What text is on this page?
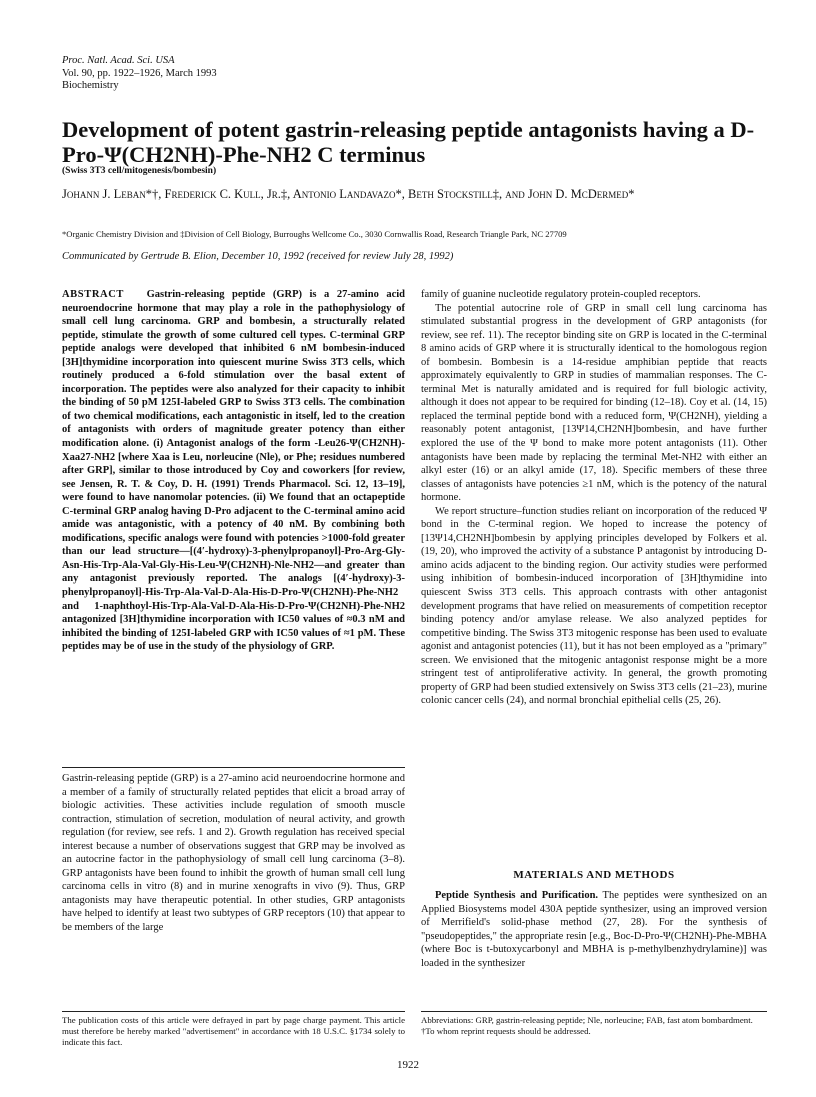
Proc. Natl. Acad. Sci. USA
Vol. 90, pp. 1922–1926, March 1993
Biochemistry
Development of potent gastrin-releasing peptide antagonists having a D-Pro-Ψ(CH2NH)-Phe-NH2 C terminus
(Swiss 3T3 cell/mitogenesis/bombesin)
Johann J. Leban*†, Frederick C. Kull, Jr.‡, Antonio Landavazo*, Beth Stockstill‡, and John D. McDermed*
*Organic Chemistry Division and ‡Division of Cell Biology, Burroughs Wellcome Co., 3030 Cornwallis Road, Research Triangle Park, NC 27709
Communicated by Gertrude B. Elion, December 10, 1992 (received for review July 28, 1992)
ABSTRACT Gastrin-releasing peptide (GRP) is a 27-amino acid neuroendocrine hormone that may play a role in the pathophysiology of small cell lung carcinoma. GRP and bombesin, a structurally related peptide, stimulate the growth of some cultured cell types. C-terminal GRP peptide analogs were developed that inhibited 6 nM bombesin-induced [3H]thymidine incorporation into quiescent murine Swiss 3T3 cells, which routinely produced a 6-fold stimulation over the basal extent of incorporation. The peptides were also analyzed for their capacity to inhibit the binding of 50 pM 125I-labeled GRP to Swiss 3T3 cells. The combination of two chemical modifications, each antagonistic in itself, led to the creation of antagonists with orders of magnitude greater potency than either modification alone. (i) Antagonist analogs of the form -Leu26-Ψ(CH2NH)-Xaa27-NH2 [where Xaa is Leu, norleucine (Nle), or Phe; residues numbered after GRP], similar to those introduced by Coy and coworkers [for review, see Jensen, R. T. & Coy, D. H. (1991) Trends Pharmacol. Sci. 12, 13–19], were found to have nanomolar potencies. (ii) We found that an octapeptide C-terminal GRP analog having D-Pro adjacent to the C-terminal amino acid amide was antagonistic, with a potency of 40 nM. By combining both modifications, specific analogs were found with potencies >1000-fold greater than our lead structure—[(4′-hydroxy)-3-phenylpropanoyl]-Pro-Arg-Gly-Asn-His-Trp-Ala-Val-Gly-His-Leu-Ψ(CH2NH)-Nle-NH2—and greater than any antagonist previously reported. The analogs [(4′-hydroxy)-3-phenylpropanoyl]-His-Trp-Ala-Val-D-Ala-His-D-Pro-Ψ(CH2NH)-Phe-NH2 and 1-naphthoyl-His-Trp-Ala-Val-D-Ala-His-D-Pro-Ψ(CH2NH)-Phe-NH2 antagonized [3H]thymidine incorporation with IC50 values of ≈0.3 nM and inhibited the binding of 125I-labeled GRP with IC50 values of ≈1 pM. These peptides may be of use in the study of the physiology of GRP.
Gastrin-releasing peptide (GRP) is a 27-amino acid neuroendocrine hormone and a member of a family of structurally related peptides that elicit a broad array of biologic activities. These activities include regulation of smooth muscle contraction, stimulation of secretion, modulation of neural activity, and growth regulation (for review, see refs. 1 and 2). Growth regulation has received special interest because a number of observations suggest that GRP may be involved as an autocrine factor in the pathophysiology of small cell lung carcinoma (3–8). GRP antagonists have been found to inhibit the growth of human small cell lung carcinoma cells in vitro (8) and in murine xenografts in vivo (9). Thus, GRP antagonists may have therapeutic potential. In other studies, GRP antagonists have helped to identify at least two subtypes of GRP receptors (10) that appear to be members of the large
The publication costs of this article were defrayed in part by page charge payment. This article must therefore be hereby marked "advertisement" in accordance with 18 U.S.C. §1734 solely to indicate this fact.

family of guanine nucleotide regulatory protein-coupled receptors.

The potential autocrine role of GRP in small cell lung carcinoma has stimulated substantial progress in the development of GRP antagonists (for review, see ref. 11). The receptor binding site on GRP is located in the C-terminal 8 amino acids of GRP where it is structurally identical to the homologous region of bombesin. Bombesin is a 14-residue amphibian peptide that reacts approximately equivalently to GRP in studies of mammalian responses. The C-terminal Met is naturally amidated and is required for full biologic activity, although it does not appear to be required for binding (12–18). Coy et al. (14, 15) replaced the terminal peptide bond with a reduced form, Ψ(CH2NH), yielding a reasonably potent antagonist, [13Ψ14,CH2NH]bombesin, and have further explored the use of the Ψ bond to make more potent antagonists (11). Other antagonists have been made by replacing the terminal Met-NH2 with either an alkyl ester (16) or an alkyl amide (17, 18). Specific members of these three classes of antagonists have potencies ≥1 nM, which is the potency of the natural hormone.

We report structure–function studies reliant on incorporation of the reduced Ψ bond in the C-terminal region. We hoped to increase the potency of [13Ψ14,CH2NH]bombesin by applying principles developed by Folkers et al. (19, 20), who improved the activity of a substance P antagonist by introducing D-amino acids adjacent to the binding region. Our activity studies were performed using inhibition of bombesin-induced incorporation of [3H]thymidine into quiescent Swiss 3T3 cells. This approach contrasts with other antagonist development programs that have relied on measurements of competition receptor binding potency and/or amylase release. We also analyzed peptides for competitive binding. The Swiss 3T3 mitogenic response has been used to evaluate agonist and antagonist potencies (11), but it has not been employed as a "primary" screen. We envisioned that the mitogenic antagonist response might be a more stringent test of antiproliferative activity. In general, the growth promoting property of GRP had been studied extensively on Swiss 3T3 cells (21–23), murine colonic cancer cells (24), and normal bronchial epithelial cells (25, 26).

MATERIALS AND METHODS
Peptide Synthesis and Purification. The peptides were synthesized on an Applied Biosystems model 430A peptide synthesizer, using an improved version of Merrifield's solid-phase method (27, 28). For the synthesis of "pseudopeptides," the appropriate resin [e.g., Boc-D-Pro-Ψ(CH2NH)-Phe-MBHA (where Boc is t-butoxycarbonyl and MBHA is p-methylbenzhydrylamine)] was loaded in the synthesizer
Abbreviations: GRP, gastrin-releasing peptide; Nle, norleucine; FAB, fast atom bombardment.
†To whom reprint requests should be addressed.
1922
